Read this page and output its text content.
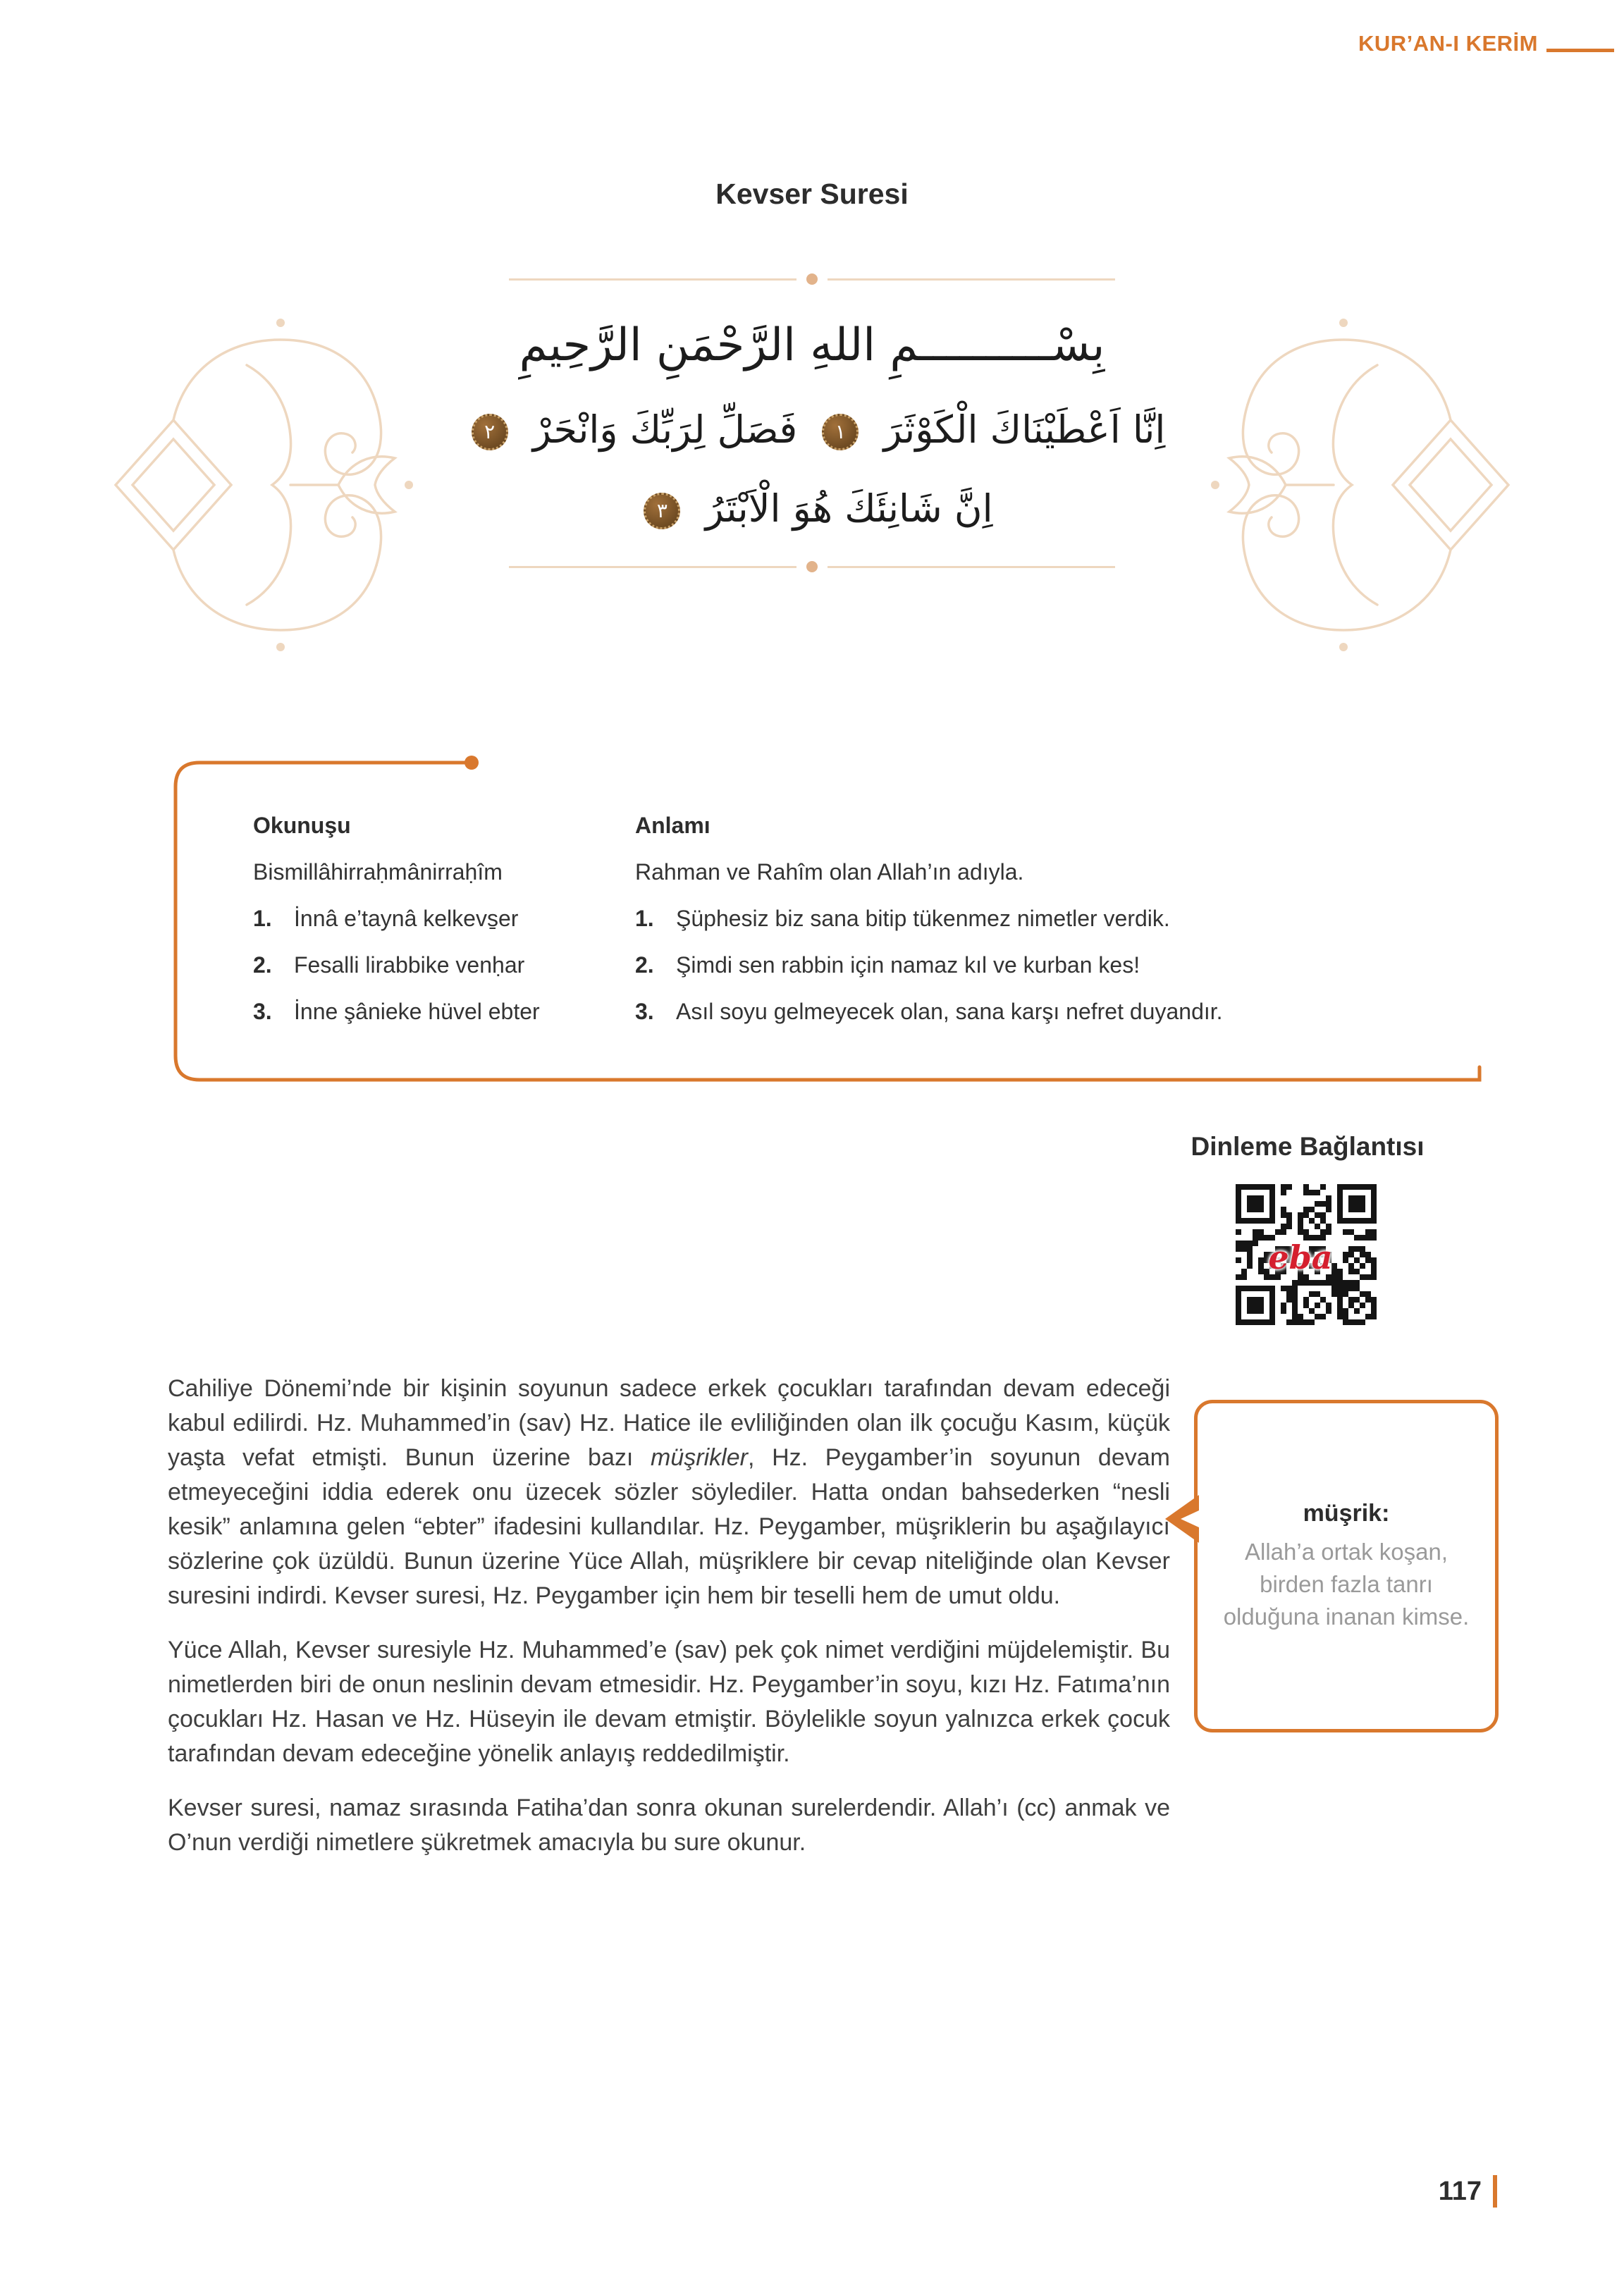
KUR’AN-I KERİM
Kevser Suresi
بِسْــــــــــمِ اللهِ الرَّحْمَنِ الرَّحِيمِ
اِنَّا اَعْطَيْنَاكَ الْكَوْثَرَ ١ فَصَلِّ لِرَبِّكَ وَانْحَرْ ٢
اِنَّ شَانِئَكَ هُوَ الْاَبْتَرُ ٣
Okunuşu
Bismillâhirraḥmânirraḥîm
1. İnnâ e’taynâ kelkevs̱er
2. Fesalli lirabbike venḥar
3. İnne şânieke hüvel ebter
Anlamı
Rahman ve Rahîm olan Allah’ın adıyla.
1. Şüphesiz biz sana bitip tükenmez nimetler verdik.
2. Şimdi sen rabbin için namaz kıl ve kurban kes!
3. Asıl soyu gelmeyecek olan, sana karşı nefret duyandır.
Dinleme Bağlantısı
eba

Cahiliye Dönemi’nde bir kişinin soyunun sadece erkek çocukları tarafından devam edeceği kabul edilirdi. Hz. Muhammed’in (sav) Hz. Hatice ile evliliğinden olan ilk çocuğu Kasım, küçük yaşta vefat etmişti. Bunun üzerine bazı müşrikler, Hz. Peygamber’in soyunun devam etmeyeceğini iddia ederek onu üzecek sözler söylediler. Hatta ondan bahsederken “nesli kesik” anlamına gelen “ebter” ifadesini kullandılar. Hz. Peygamber, müşriklerin bu aşağılayıcı sözlerine çok üzüldü. Bunun üzerine Yüce Allah, müşriklere bir cevap niteliğinde olan Kevser suresini indirdi. Kevser suresi, Hz. Peygamber için hem bir teselli hem de umut oldu.

Yüce Allah, Kevser suresiyle Hz. Muhammed’e (sav) pek çok nimet verdiğini müjdelemiştir. Bu nimetlerden biri de onun neslinin devam etmesidir. Hz. Peygamber’in soyu, kızı Hz. Fatıma’nın çocukları Hz. Hasan ve Hz. Hüseyin ile devam etmiştir. Böylelikle soyun yalnızca erkek çocuk tarafından devam edeceğine yönelik anlayış reddedilmiştir.

Kevser suresi, namaz sırasında Fatiha’dan sonra okunan surelerdendir. Allah’ı (cc) anmak ve O’nun verdiği nimetlere şükretmek amacıyla bu sure okunur.

müşrik:
Allah’a ortak koşan, birden fazla tanrı olduğuna inanan kimse.
117
